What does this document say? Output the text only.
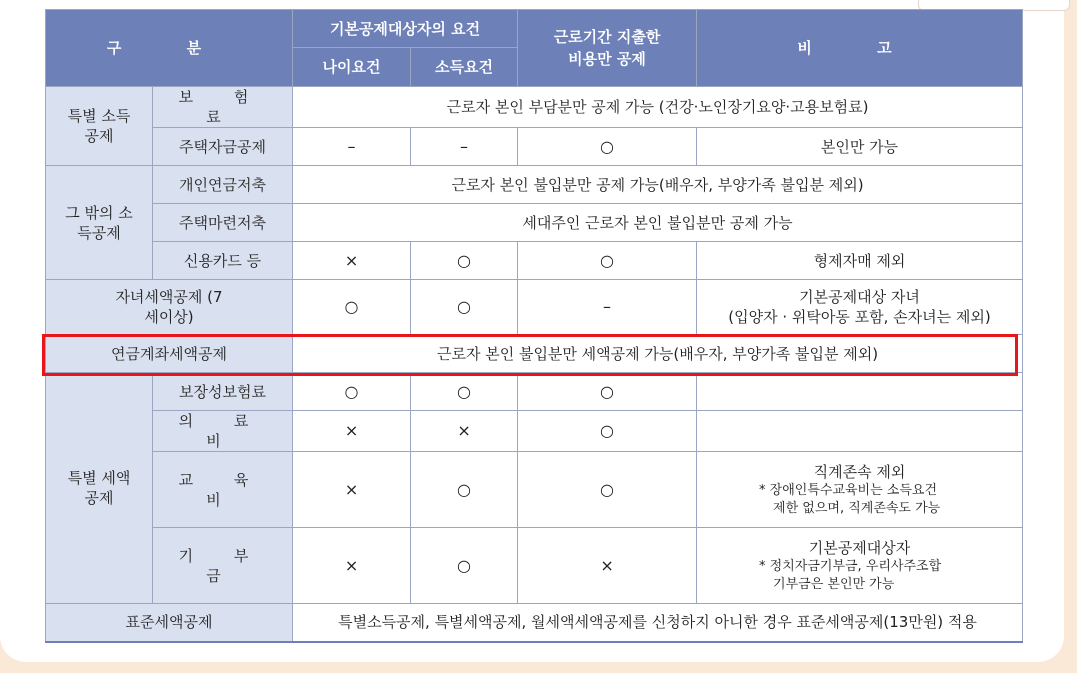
구 분		기본공제대상자의 요건		근로기간 지출한 비용만 공제	비 고
		나이요건	소득요건		
특별 소득공제	보 험 료	근로자 본인 부담분만 공제 가능 (건강·노인장기요양·고용보험료)			
	주택자금공제	–	–	○	본인만 가능
그 밖의 소득공제	개인연금저축	근로자 본인 불입분만 공제 가능(배우자, 부양가족 불입분 제외)			
	주택마련저축	세대주인 근로자 본인 불입분만 공제 가능			
	신용카드 등	×	○	○	형제자매 제외
자녀세액공제 (7세이상)		○	○	–	기본공제대상 자녀
(입양자 · 위탁아동 포함, 손자녀는 제외)

연금계좌세액공제		근로자 본인 불입분만 세액공제 가능(배우자, 부양가족 불입분 제외)			
특별 세액공제	보장성보험료	○	○	○	
	의 료 비	×	×	○	
	교 육 비	×	○	○	직계존속 제외
* 장애인특수교육비는 소득요건
제한 없으며, 직계존속도 가능

	기 부 금	×	○	×	기본공제대상자
* 정치자금기부금, 우리사주조합
기부금은 본인만 가능

표준세액공제		특별소득공제, 특별세액공제, 월세액세액공제를 신청하지 아니한 경우 표준세액공제(13만원) 적용			
